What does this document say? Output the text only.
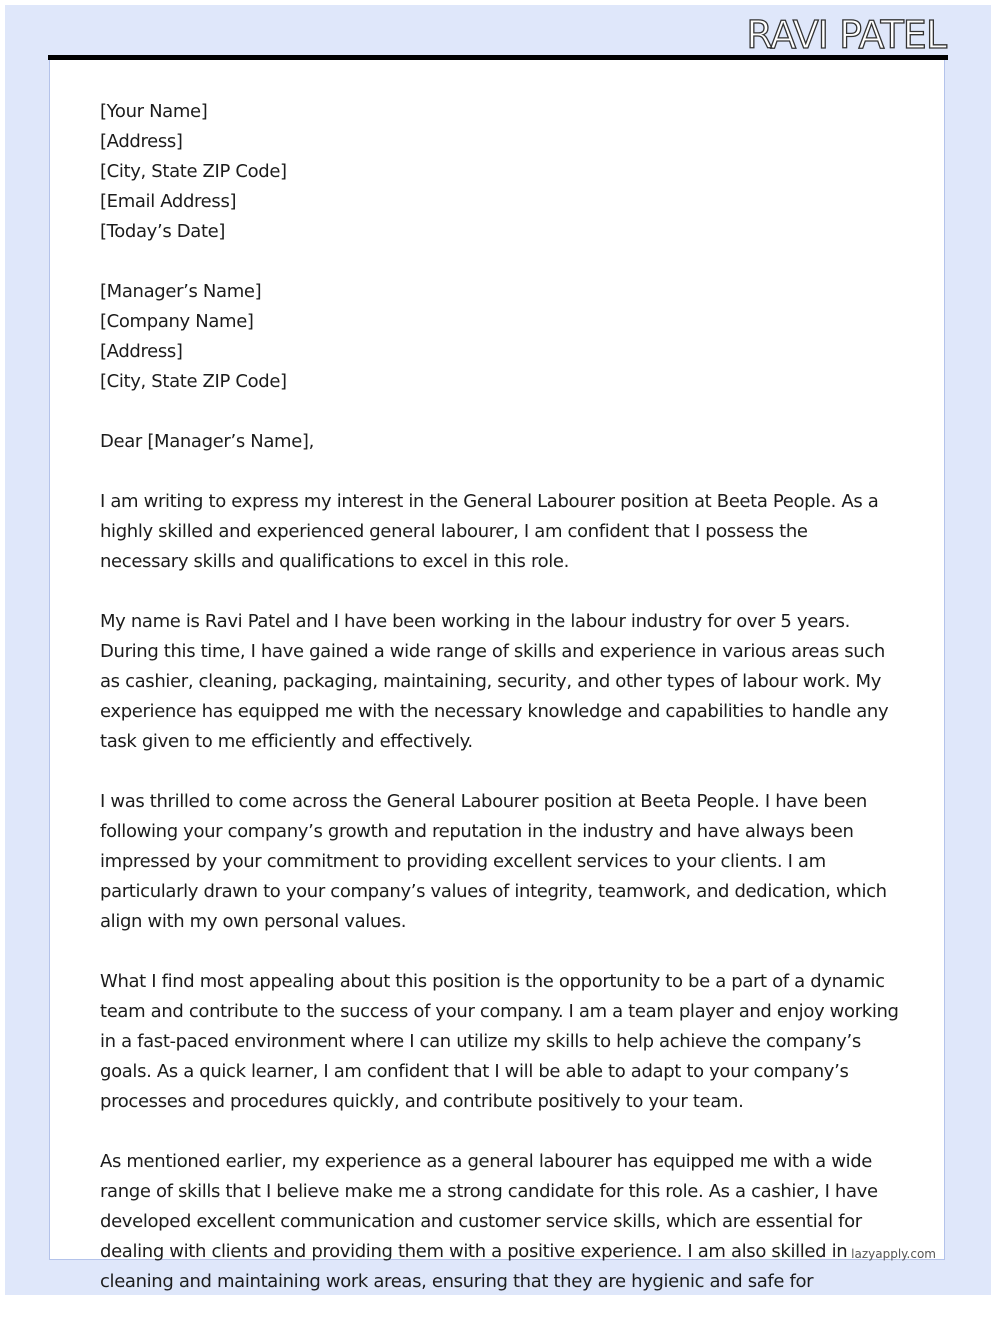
RAVI PATEL

[Your Name]
[Address]
[City, State ZIP Code]
[Email Address]
[Today’s Date]

[Manager’s Name]
[Company Name]
[Address]
[City, State ZIP Code]

Dear [Manager’s Name],

I am writing to express my interest in the General Labourer position at Beeta People. As a highly skilled and experienced general labourer, I am confident that I possess the necessary skills and qualifications to excel in this role.

My name is Ravi Patel and I have been working in the labour industry for over 5 years. During this time, I have gained a wide range of skills and experience in various areas such as cashier, cleaning, packaging, maintaining, security, and other types of labour work. My experience has equipped me with the necessary knowledge and capabilities to handle any task given to me efficiently and effectively.

I was thrilled to come across the General Labourer position at Beeta People. I have been following your company’s growth and reputation in the industry and have always been impressed by your commitment to providing excellent services to your clients. I am particularly drawn to your company’s values of integrity, teamwork, and dedication, which align with my own personal values.

What I find most appealing about this position is the opportunity to be a part of a dynamic team and contribute to the success of your company. I am a team player and enjoy working in a fast-paced environment where I can utilize my skills to help achieve the company’s goals. As a quick learner, I am confident that I will be able to adapt to your company’s processes and procedures quickly, and contribute positively to your team.

As mentioned earlier, my experience as a general labourer has equipped me with a wide range of skills that I believe make me a strong candidate for this role. As a cashier, I have developed excellent communication and customer service skills, which are essential for dealing with clients and providing them with a positive experience. I am also skilled in cleaning and maintaining work areas, ensuring that they are hygienic and safe for

lazyapply.com
